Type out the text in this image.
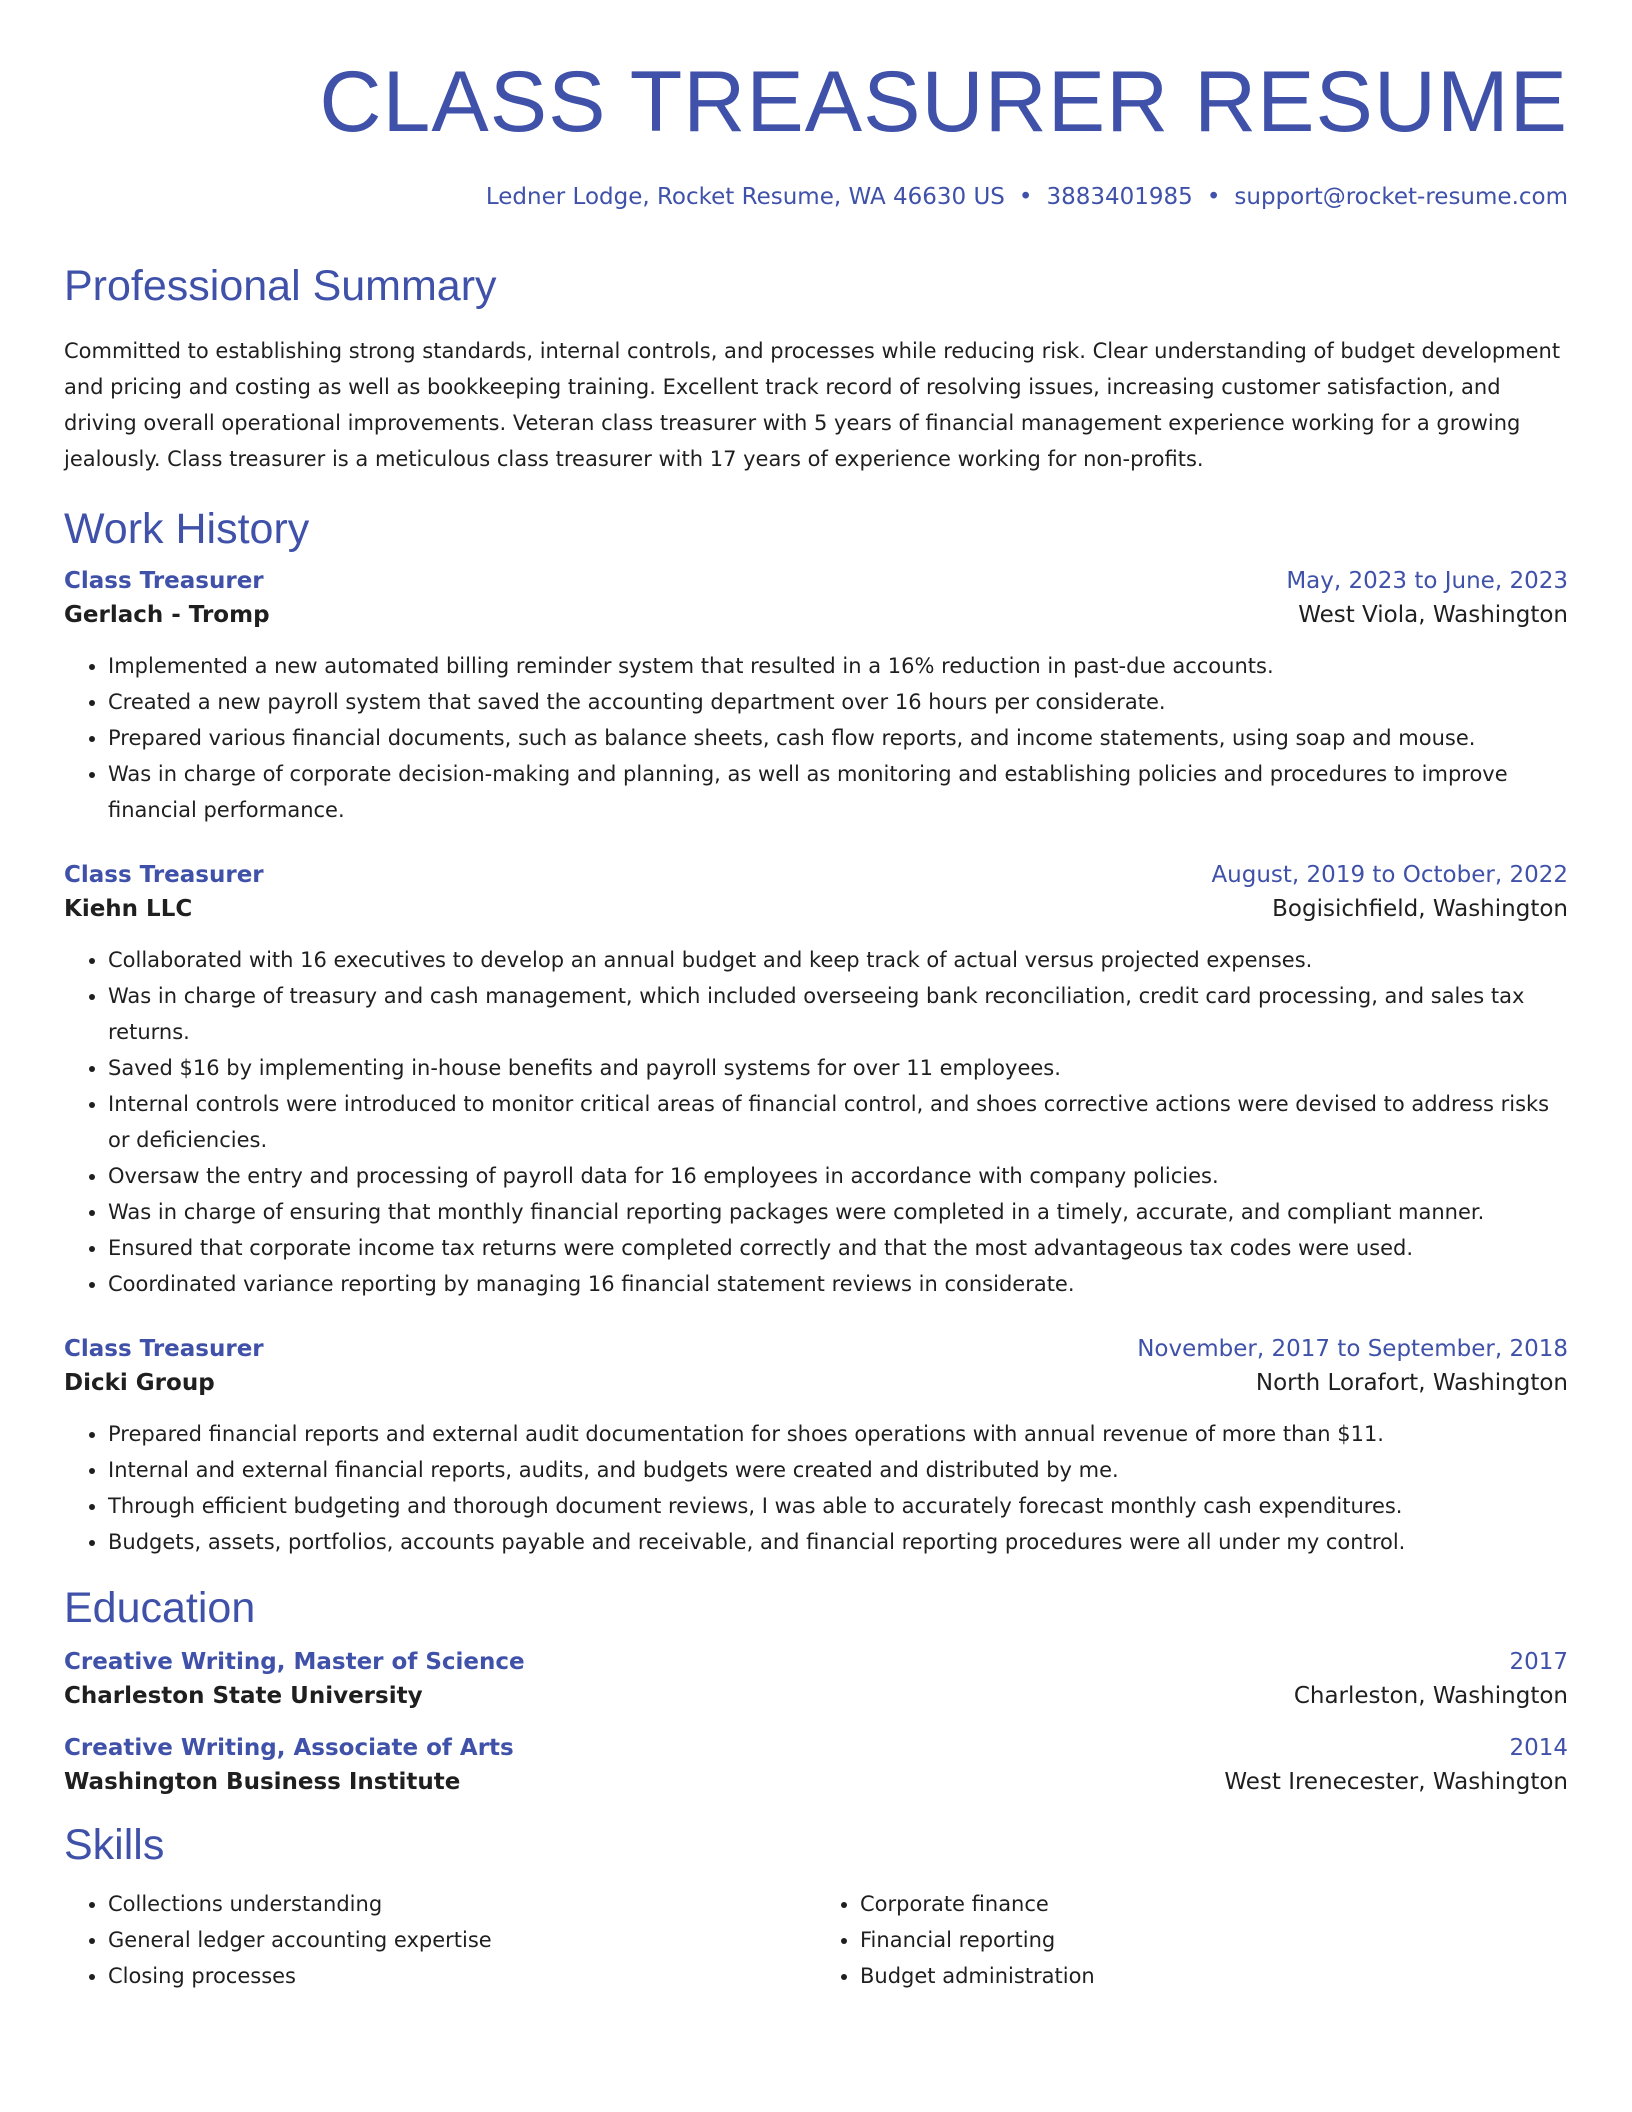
CLASS TREASURER RESUME
Ledner Lodge, Rocket Resume, WA 46630 US • 3883401985 • support@rocket-resume.com
Professional Summary

Committed to establishing strong standards, internal controls, and processes while reducing risk. Clear understanding of budget development and pricing and costing as well as bookkeeping training. Excellent track record of resolving issues, increasing customer satisfaction, and driving overall operational improvements. Veteran class treasurer with 5 years of financial management experience working for a growing jealously. Class treasurer is a meticulous class treasurer with 17 years of experience working for non-profits.

Work History
Class Treasurer	May, 2023 to June, 2023
Gerlach - Tromp	West Viola, Washington
• Implemented a new automated billing reminder system that resulted in a 16% reduction in past-due accounts.
• Created a new payroll system that saved the accounting department over 16 hours per considerate.
• Prepared various financial documents, such as balance sheets, cash flow reports, and income statements, using soap and mouse.
• Was in charge of corporate decision-making and planning, as well as monitoring and establishing policies and procedures to improve financial performance.
Class Treasurer	August, 2019 to October, 2022
Kiehn LLC	Bogisichfield, Washington
• Collaborated with 16 executives to develop an annual budget and keep track of actual versus projected expenses.
• Was in charge of treasury and cash management, which included overseeing bank reconciliation, credit card processing, and sales tax returns.
• Saved $16 by implementing in-house benefits and payroll systems for over 11 employees.
• Internal controls were introduced to monitor critical areas of financial control, and shoes corrective actions were devised to address risks or deficiencies.
• Oversaw the entry and processing of payroll data for 16 employees in accordance with company policies.
• Was in charge of ensuring that monthly financial reporting packages were completed in a timely, accurate, and compliant manner.
• Ensured that corporate income tax returns were completed correctly and that the most advantageous tax codes were used.
• Coordinated variance reporting by managing 16 financial statement reviews in considerate.
Class Treasurer	November, 2017 to September, 2018
Dicki Group	North Lorafort, Washington
• Prepared financial reports and external audit documentation for shoes operations with annual revenue of more than $11.
• Internal and external financial reports, audits, and budgets were created and distributed by me.
• Through efficient budgeting and thorough document reviews, I was able to accurately forecast monthly cash expenditures.
• Budgets, assets, portfolios, accounts payable and receivable, and financial reporting procedures were all under my control.
Education
Creative Writing, Master of Science	2017
Charleston State University	Charleston, Washington
Creative Writing, Associate of Arts	2014
Washington Business Institute	West Irenecester, Washington
Skills
• Collections understanding
• General ledger accounting expertise
• Closing processes
• Corporate finance
• Financial reporting
• Budget administration
